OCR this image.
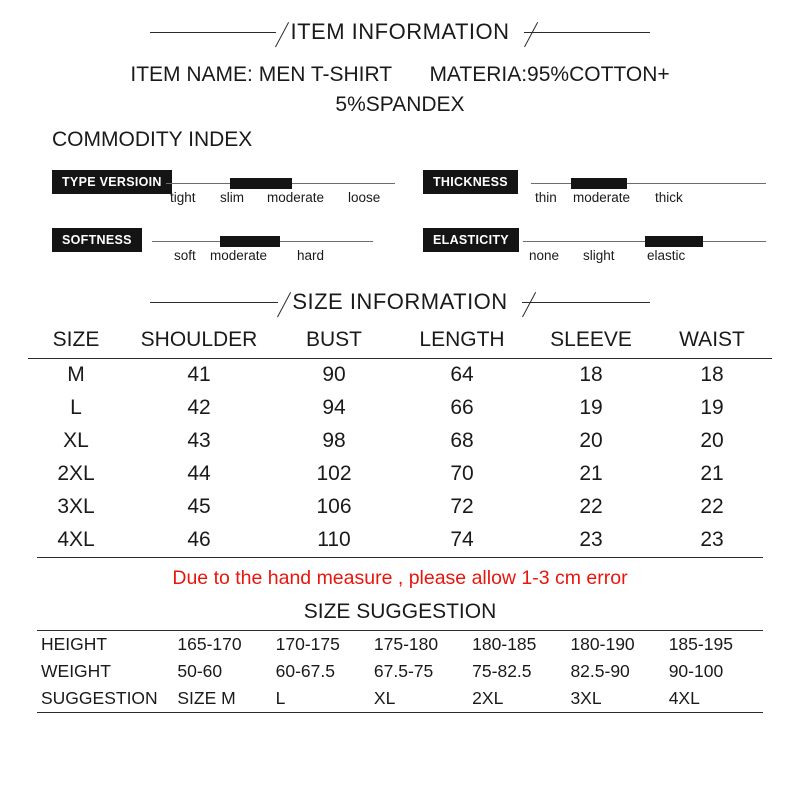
ITEM INFORMATION
ITEM NAME: MEN T-SHIRT MATERIA:95%COTTON+
5%SPANDEX
COMMODITY INDEX
TYPE VERSIOIN
tight slim moderate loose
SOFTNESS
soft moderate hard
THICKNESS
thin moderate thick
ELASTICITY
none slight elastic
SIZE INFORMATION
SIZE	SHOULDER	BUST	LENGTH	SLEEVE	WAIST
M	41	90	64	18	18
L	42	94	66	19	19
XL	43	98	68	20	20
2XL	44	102	70	21	21
3XL	45	106	72	22	22
4XL	46	110	74	23	23
Due to the hand measure , please allow 1-3 cm error
SIZE SUGGESTION
HEIGHT	165-170	170-175	175-180	180-185	180-190	185-195
WEIGHT	50-60	60-67.5	67.5-75	75-82.5	82.5-90	90-100
SUGGESTION	SIZE M	L	XL	2XL	3XL	4XL
